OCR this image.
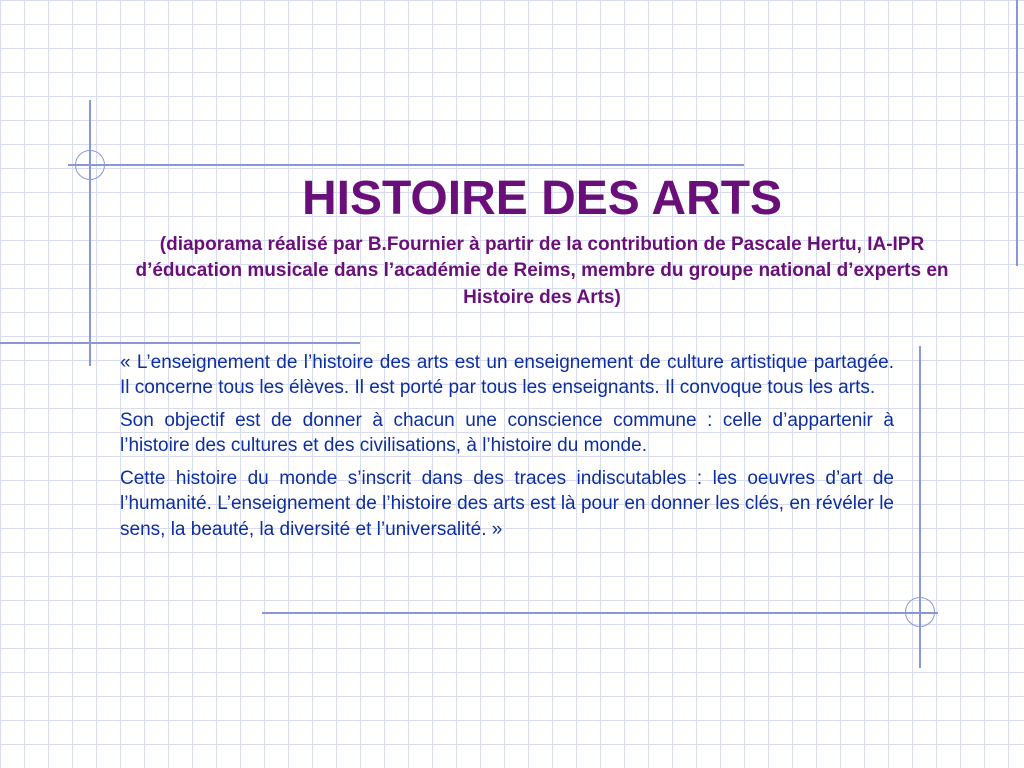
HISTOIRE DES ARTS

(diaporama réalisé par B.Fournier à partir de la contribution de Pascale Hertu, IA-IPR d’éducation musicale dans l’académie de Reims, membre du groupe national d’experts en Histoire des Arts)

« L’enseignement de l’histoire des arts est un enseignement de culture artistique partagée. Il concerne tous les élèves. Il est porté par tous les enseignants. Il convoque tous les arts.

Son objectif est de donner à chacun une conscience commune : celle d’appartenir à l’histoire des cultures et des civilisations, à l’histoire du monde.

Cette histoire du monde s’inscrit dans des traces indiscutables : les oeuvres d’art de l’humanité. L’enseignement de l’histoire des arts est là pour en donner les clés, en révéler le sens, la beauté, la diversité et l’universalité. »
